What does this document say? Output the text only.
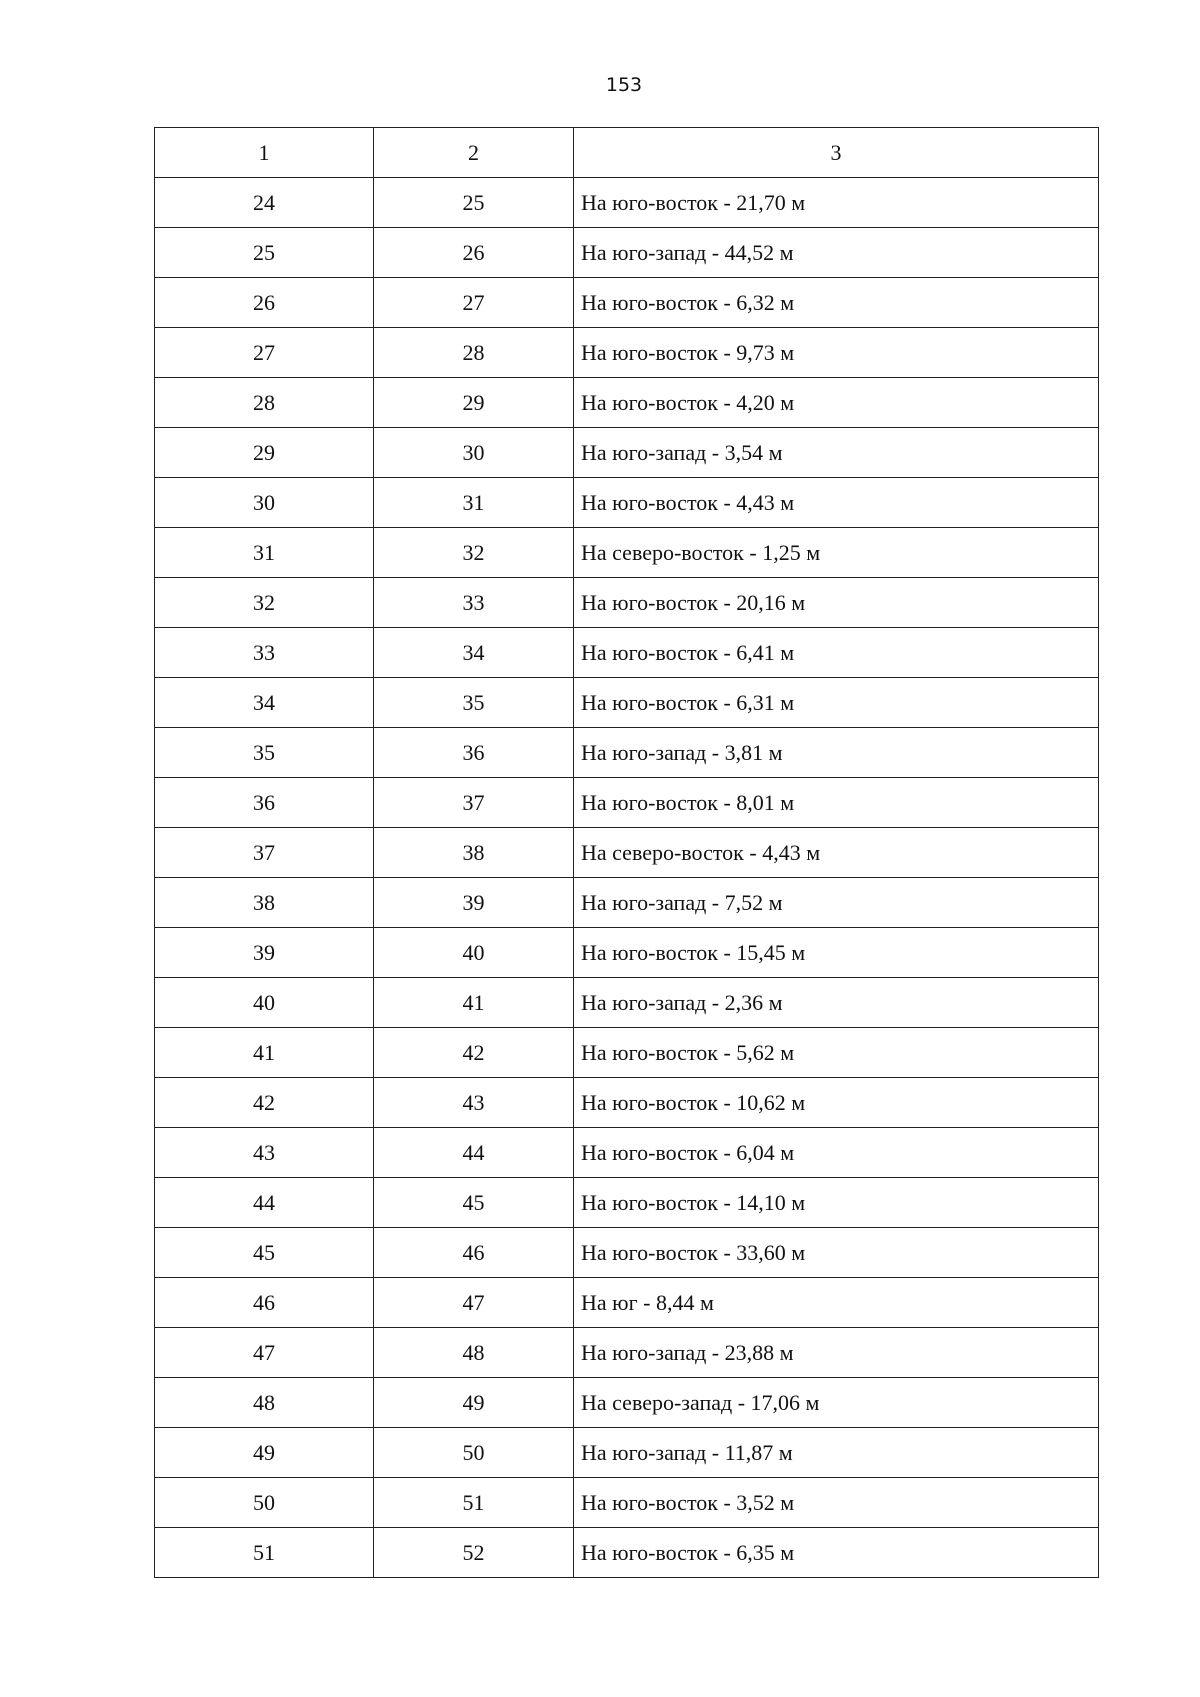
153
1	2	3
24	25	На юго-восток - 21,70 м
25	26	На юго-запад - 44,52 м
26	27	На юго-восток - 6,32 м
27	28	На юго-восток - 9,73 м
28	29	На юго-восток - 4,20 м
29	30	На юго-запад - 3,54 м
30	31	На юго-восток - 4,43 м
31	32	На северо-восток - 1,25 м
32	33	На юго-восток - 20,16 м
33	34	На юго-восток - 6,41 м
34	35	На юго-восток - 6,31 м
35	36	На юго-запад - 3,81 м
36	37	На юго-восток - 8,01 м
37	38	На северо-восток - 4,43 м
38	39	На юго-запад - 7,52 м
39	40	На юго-восток - 15,45 м
40	41	На юго-запад - 2,36 м
41	42	На юго-восток - 5,62 м
42	43	На юго-восток - 10,62 м
43	44	На юго-восток - 6,04 м
44	45	На юго-восток - 14,10 м
45	46	На юго-восток - 33,60 м
46	47	На юг - 8,44 м
47	48	На юго-запад - 23,88 м
48	49	На северо-запад - 17,06 м
49	50	На юго-запад - 11,87 м
50	51	На юго-восток - 3,52 м
51	52	На юго-восток - 6,35 м
